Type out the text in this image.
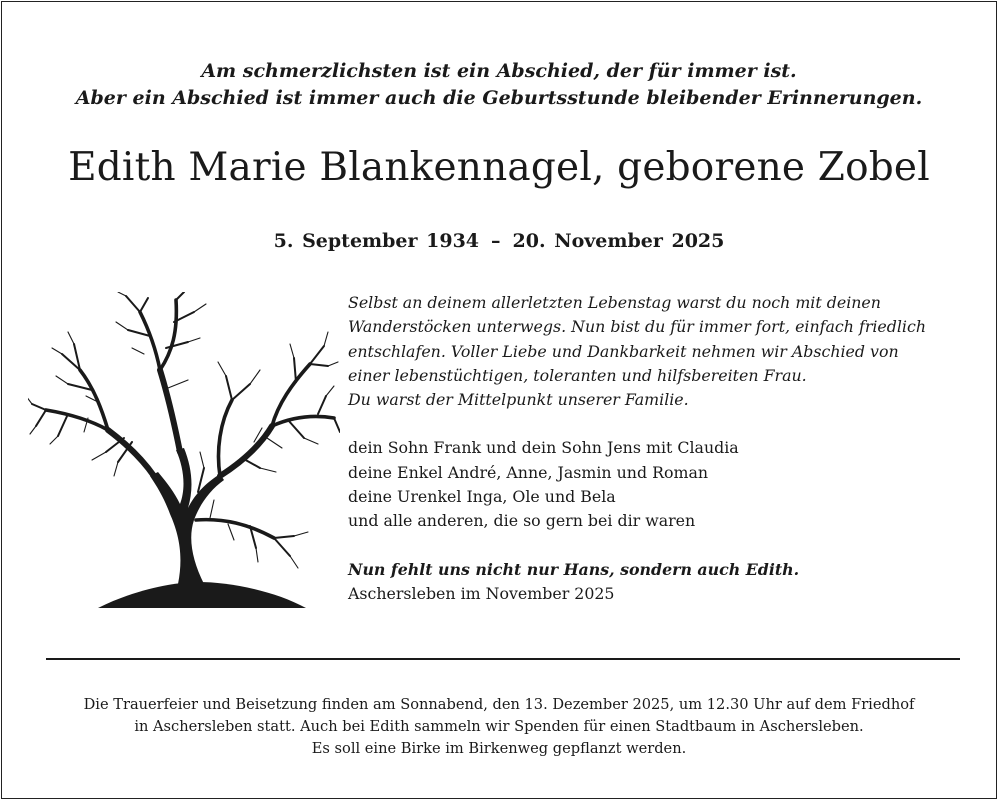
Am schmerzlichsten ist ein Abschied, der für immer ist.
Aber ein Abschied ist immer auch die Geburtsstunde bleibender Erinnerungen.
Edith Marie Blankennagel, geborene Zobel
5. September 1934 – 20. November 2025
Selbst an deinem allerletzten Lebenstag warst du noch mit deinen
Wanderstöcken unterwegs. Nun bist du für immer fort, einfach friedlich
entschlafen. Voller Liebe und Dankbarkeit nehmen wir Abschied von
einer lebenstüchtigen, toleranten und hilfsbereiten Frau.
Du warst der Mittelpunkt unserer Familie.
dein Sohn Frank und dein Sohn Jens mit Claudia
deine Enkel André, Anne, Jasmin und Roman
deine Urenkel Inga, Ole und Bela
und alle anderen, die so gern bei dir waren
Nun fehlt uns nicht nur Hans, sondern auch Edith.
Aschersleben im November 2025
Die Trauerfeier und Beisetzung finden am Sonnabend, den 13. Dezember 2025, um 12.30 Uhr auf dem Friedhof
in Aschersleben statt. Auch bei Edith sammeln wir Spenden für einen Stadtbaum in Aschersleben.
Es soll eine Birke im Birkenweg gepflanzt werden.
